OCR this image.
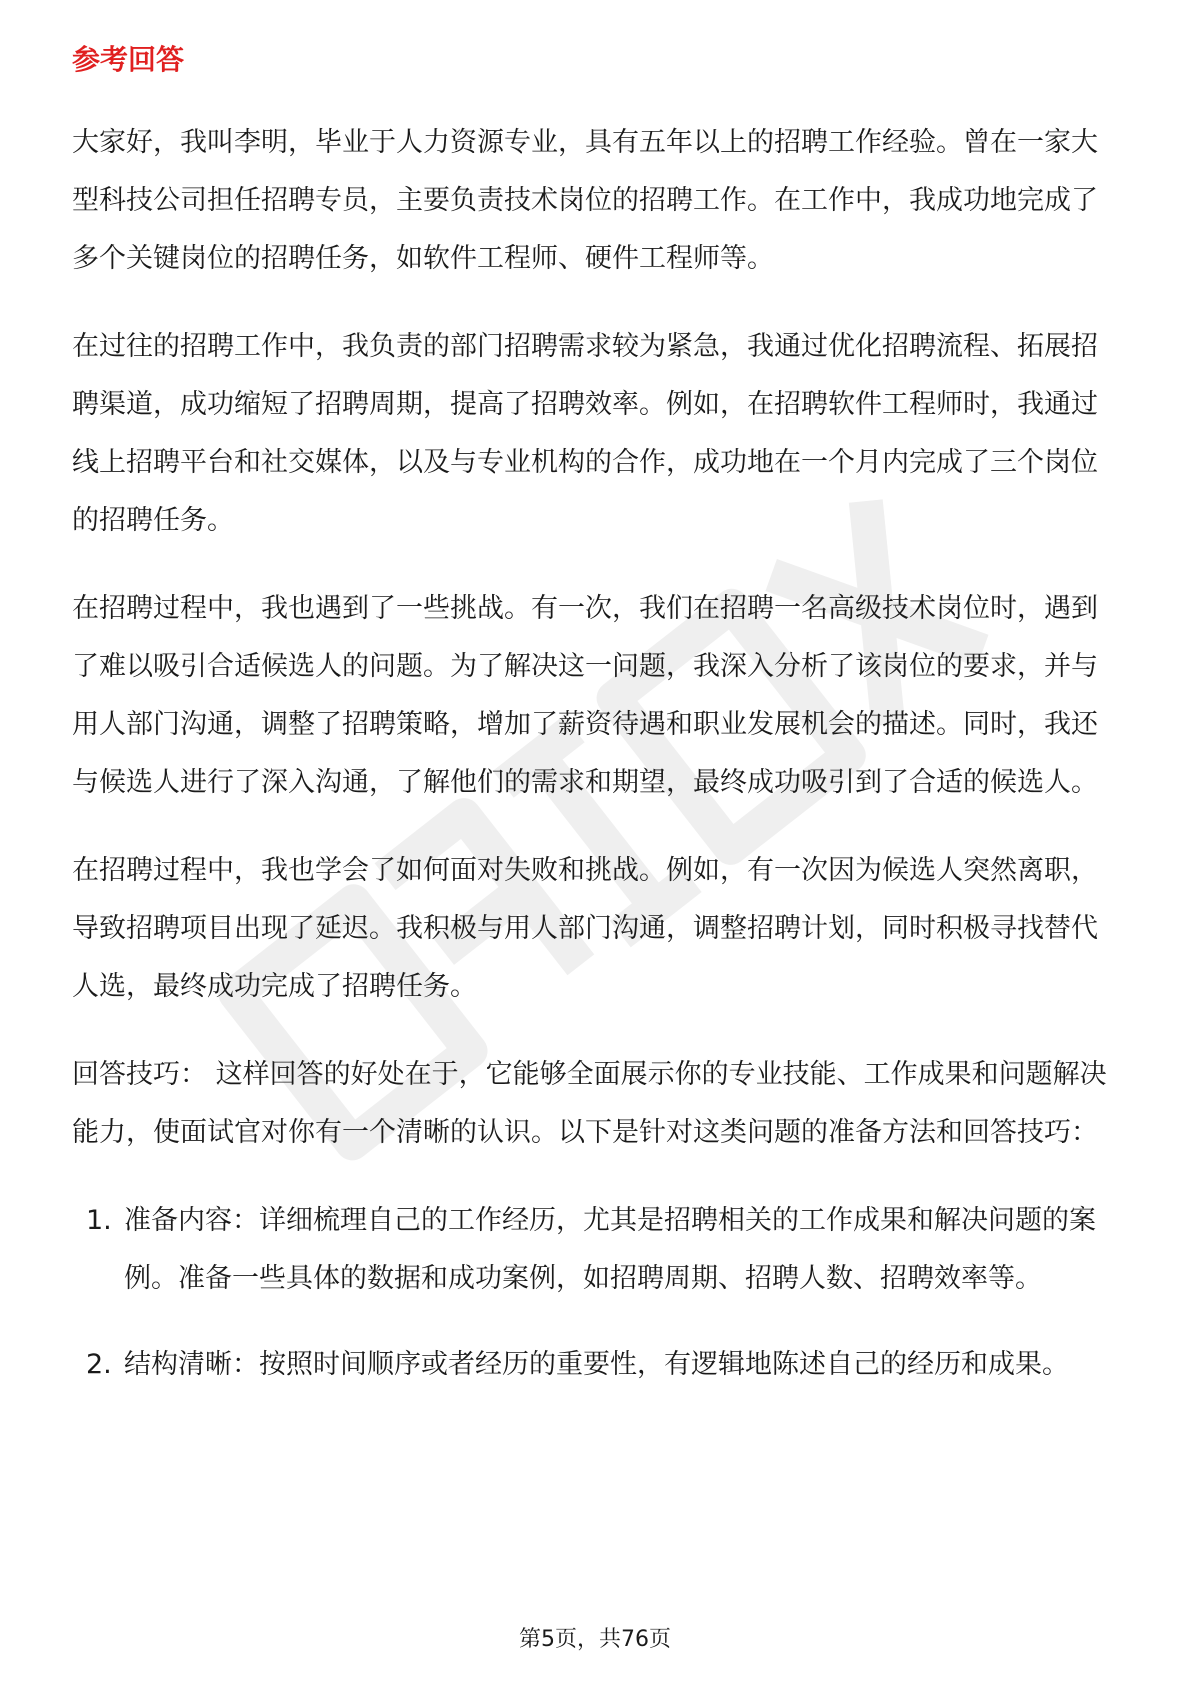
参考回答

大家好，我叫李明，毕业于人力资源专业，具有五年以上的招聘工作经验。曾在一家大型科技公司担任招聘专员，主要负责技术岗位的招聘工作。在工作中，我成功地完成了多个关键岗位的招聘任务，如软件工程师、硬件工程师等。

在过往的招聘工作中，我负责的部门招聘需求较为紧急，我通过优化招聘流程、拓展招聘渠道，成功缩短了招聘周期，提高了招聘效率。例如，在招聘软件工程师时，我通过线上招聘平台和社交媒体，以及与专业机构的合作，成功地在一个月内完成了三个岗位的招聘任务。

在招聘过程中，我也遇到了一些挑战。有一次，我们在招聘一名高级技术岗位时，遇到了难以吸引合适候选人的问题。为了解决这一问题，我深入分析了该岗位的要求，并与用人部门沟通，调整了招聘策略，增加了薪资待遇和职业发展机会的描述。同时，我还与候选人进行了深入沟通，了解他们的需求和期望，最终成功吸引到了合适的候选人。

在招聘过程中，我也学会了如何面对失败和挑战。例如，有一次因为候选人突然离职，导致招聘项目出现了延迟。我积极与用人部门沟通，调整招聘计划，同时积极寻找替代人选，最终成功完成了招聘任务。

回答技巧： 这样回答的好处在于，它能够全面展示你的专业技能、工作成果和问题解决能力，使面试官对你有一个清晰的认识。以下是针对这类问题的准备方法和回答技巧：

1. 准备内容：详细梳理自己的工作经历，尤其是招聘相关的工作成果和解决问题的案例。准备一些具体的数据和成功案例，如招聘周期、招聘人数、招聘效率等。
2. 结构清晰：按照时间顺序或者经历的重要性，有逻辑地陈述自己的经历和成果。
第5页，共76页
